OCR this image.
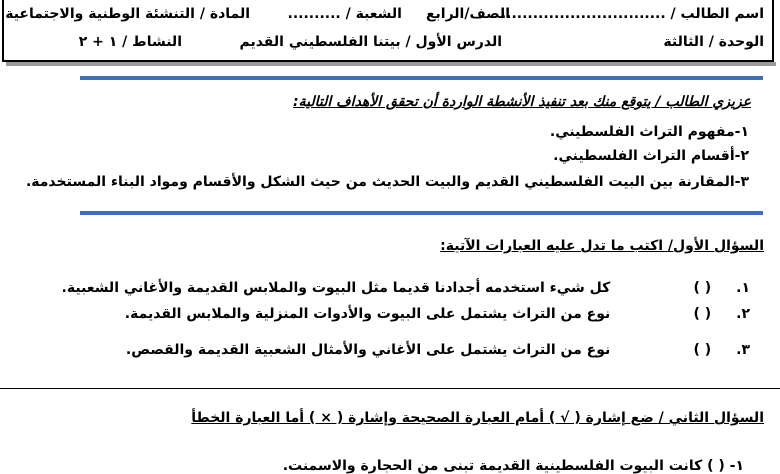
اسم الطالب / ...............................
الصف/الرابع
الشعبة / ..........
المادة / التنشئة الوطنية والاجتماعية
الوحدة / الثالثة
الدرس الأول / بيتنا الفلسطيني القديم
النشاط / ١ + ٢
عزيزي الطالب / يتوقع منك بعد تنفيذ الأنشطة الواردة أن تحقق الأهداف التالية:
١-مفهوم التراث الفلسطيني.
٢-أقسام التراث الفلسطيني.
٣-المقارنة بين البيت الفلسطيني القديم والبيت الحديث من حيث الشكل والأقسام ومواد البناء المستخدمة.
السؤال الأول/ اكتب ما تدل عليه العبارات الآتية:
١. ( ) كل شيء استخدمه أجدادنا قديما مثل البيوت والملابس القديمة والأغاني الشعبية.
٢. ( ) نوع من التراث يشتمل على البيوت والأدوات المنزلية والملابس القديمة.
٣. ( ) نوع من التراث يشتمل على الأغاني والأمثال الشعبية القديمة والقصص.
السؤال الثاني / ضع إشارة ( √ ) أمام العبارة الصحيحة وإشارة ( × ) أما العبارة الخطأ
١- ( ) كانت البيوت الفلسطينية القديمة تبنى من الحجارة والاسمنت.
